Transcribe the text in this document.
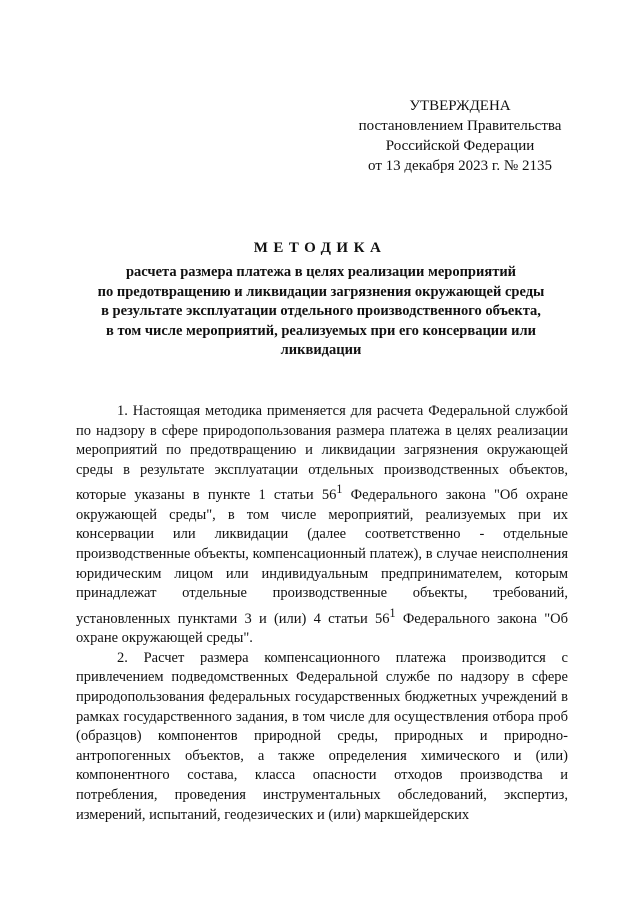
УТВЕРЖДЕНА
постановлением Правительства
Российской Федерации
от 13 декабря 2023 г. № 2135
МЕТОДИКА
расчета размера платежа в целях реализации мероприятий
по предотвращению и ликвидации загрязнения окружающей среды
в результате эксплуатации отдельного производственного объекта,
в том числе мероприятий, реализуемых при его консервации или
ликвидации

1. Настоящая методика применяется для расчета Федеральной службой по надзору в сфере природопользования размера платежа в целях реализации мероприятий по предотвращению и ликвидации загрязнения окружающей среды в результате эксплуатации отдельных производственных объектов, которые указаны в пункте 1 статьи $56^1$ Федерального закона "Об охране окружающей среды", в том числе мероприятий, реализуемых при их консервации или ликвидации (далее соответственно - отдельные производственные объекты, компенсационный платеж), в случае неисполнения юридическим лицом или индивидуальным предпринимателем, которым принадлежат отдельные производственные объекты, требований, установленных пунктами 3 и (или) 4 статьи $56^1$ Федерального закона "Об охране окружающей среды".

2. Расчет размера компенсационного платежа производится с привлечением подведомственных Федеральной службе по надзору в сфере природопользования федеральных государственных бюджетных учреждений в рамках государственного задания, в том числе для осуществления отбора проб (образцов) компонентов природной среды, природных и природно-антропогенных объектов, а также определения химического и (или) компонентного состава, класса опасности отходов производства и потребления, проведения инструментальных обследований, экспертиз, измерений, испытаний, геодезических и (или) маркшейдерских
